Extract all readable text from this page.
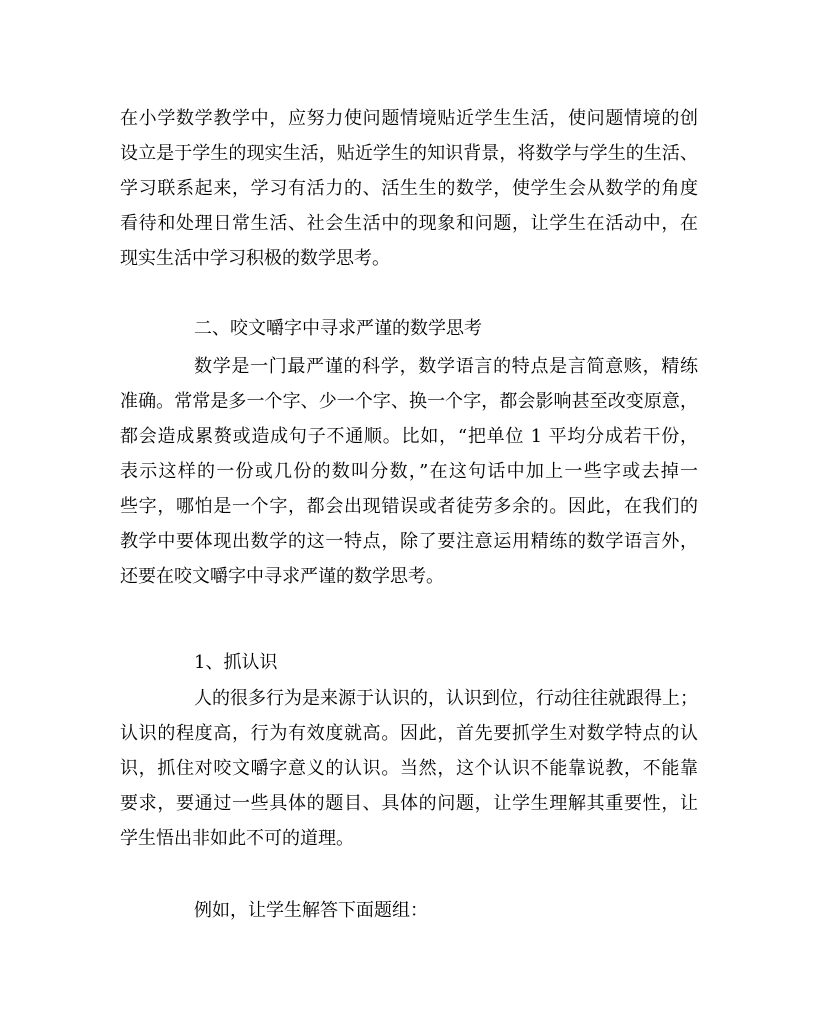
在小学数学教学中，应努力使问题情境贴近学生生活，使问题情境的创
设立是于学生的现实生活，贴近学生的知识背景，将数学与学生的生活、
学习联系起来，学习有活力的、活生生的数学，使学生会从数学的角度
看待和处理日常生活、社会生活中的现象和问题，让学生在活动中，在
现实生活中学习积极的数学思考。
二、咬文嚼字中寻求严谨的数学思考
数学是一门最严谨的科学，数学语言的特点是言简意赅，精练
准确。常常是多一个字、少一个字、换一个字，都会影响甚至改变原意，
都会造成累赘或造成句子不通顺。比如，“把单位 1 平均分成若干份，
表示这样的一份或几份的数叫分数，”在这句话中加上一些字或去掉一
些字，哪怕是一个字，都会出现错误或者徒劳多余的。因此，在我们的
教学中要体现出数学的这一特点，除了要注意运用精练的数学语言外，
还要在咬文嚼字中寻求严谨的数学思考。
1、抓认识
人的很多行为是来源于认识的，认识到位，行动往往就跟得上；
认识的程度高，行为有效度就高。因此，首先要抓学生对数学特点的认
识，抓住对咬文嚼字意义的认识。当然，这个认识不能靠说教，不能靠
要求，要通过一些具体的题目、具体的问题，让学生理解其重要性，让
学生悟出非如此不可的道理。
例如，让学生解答下面题组：
